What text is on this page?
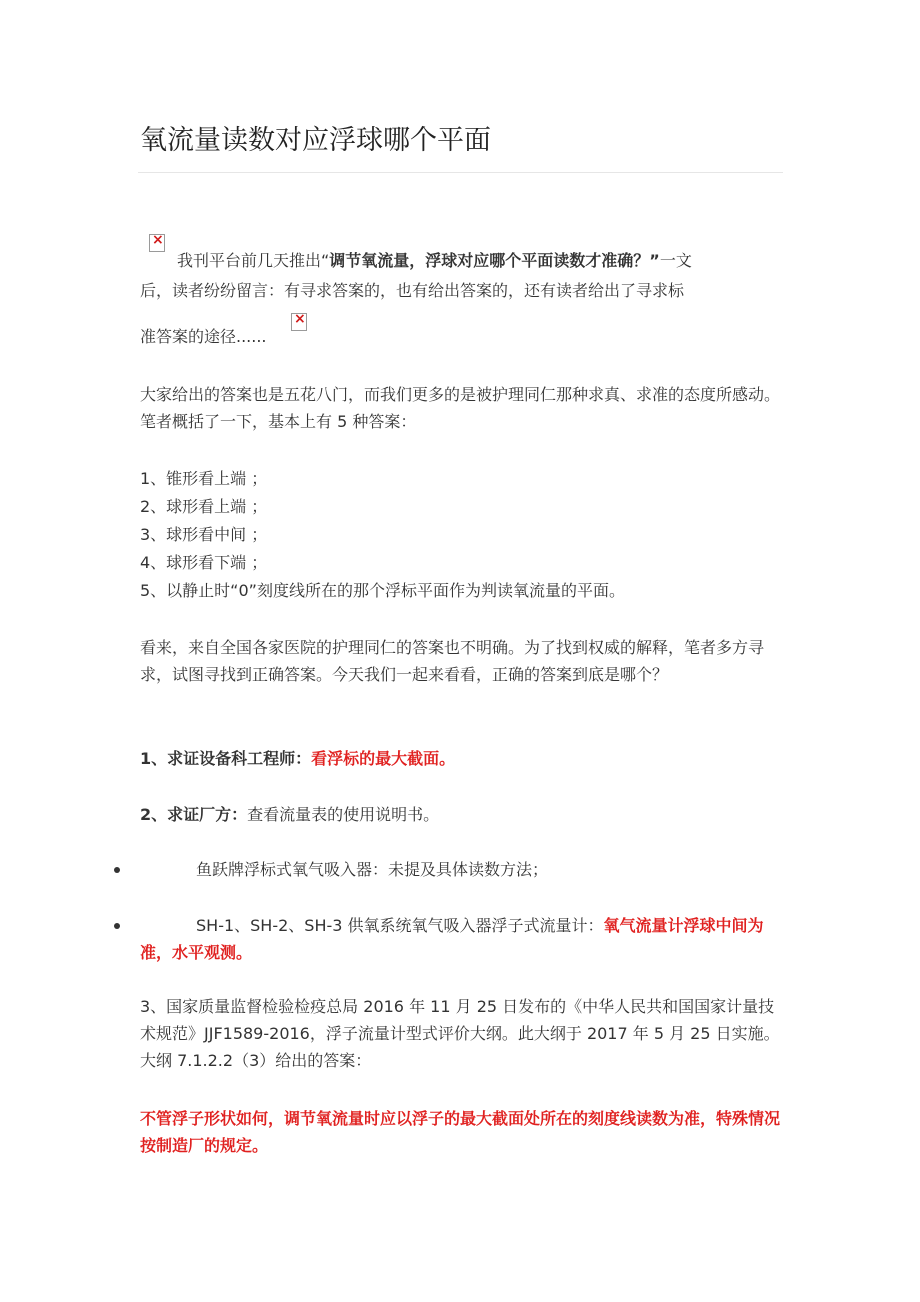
氧流量读数对应浮球哪个平面
×

我刊平台前几天推出“调节氧流量，浮球对应哪个平面读数才准确？”一文

后，读者纷纷留言：有寻求答案的，也有给出答案的，还有读者给出了寻求标

准答案的途径......

×

大家给出的答案也是五花八门，而我们更多的是被护理同仁那种求真、求准的态度所感动。笔者概括了一下，基本上有 5 种答案：

1、锥形看上端 ；

2、球形看上端 ；

3、球形看中间 ；

4、球形看下端 ；

5、以静止时“0”刻度线所在的那个浮标平面作为判读氧流量的平面。

看来，来自全国各家医院的护理同仁的答案也不明确。为了找到权威的解释，笔者多方寻求，试图寻找到正确答案。今天我们一起来看看，正确的答案到底是哪个？

1、求证设备科工程师：看浮标的最大截面。

2、求证厂方：查看流量表的使用说明书。

鱼跃牌浮标式氧气吸入器：未提及具体读数方法；

SH-1、SH-2、SH-3 供氧系统氧气吸入器浮子式流量计：氧气流量计浮球中间为准，水平观测。

3、国家质量监督检验检疫总局 2016 年 11 月 25 日发布的《中华人民共和国国家计量技术规范》JJF1589-2016，浮子流量计型式评价大纲。此大纲于 2017 年 5 月 25 日实施。大纲 7.1.2.2（3）给出的答案：

不管浮子形状如何，调节氧流量时应以浮子的最大截面处所在的刻度线读数为准，特殊情况按制造厂的规定。
